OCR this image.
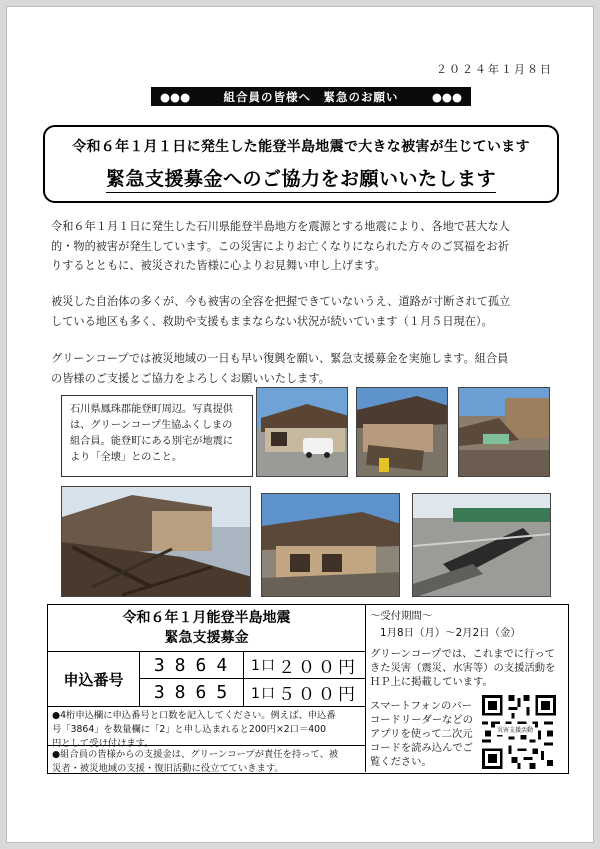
２０２４年１月８日
●●●	組合員の皆様へ　緊急のお願い	●●●
令和６年１月１日に発生した能登半島地震で大きな被害が生じています
緊急支援募金へのご協力をお願いいたします
令和６年１月１日に発生した石川県能登半島地方を震源とする地震により、各地で甚大な人
的・物的被害が発生しています。この災害によりお亡くなりになられた方々のご冥福をお祈
りするとともに、被災された皆様に心よりお見舞い申し上げます。
被災した自治体の多くが、今も被害の全容を把握できていないうえ、道路が寸断されて孤立
している地区も多く、救助や支援もままならない状況が続いています（１月５日現在）。
グリーンコープでは被災地域の一日も早い復興を願い、緊急支援募金を実施します。組合員
の皆様のご支援とご協力をよろしくお願いいたします。
石川県鳳珠郡能登町周辺。写真提供
は、グリーンコープ生協ふくしまの
組合員。能登町にある別宅が地震に
より「全壊」とのこと。
令和６年１月能登半島地震
緊急支援募金
申込番号
3864 1口 ２００円
3865 1口 ５００円
●4桁申込欄に申込番号と口数を記入してください。例えば、申込番
号「3864」を数量欄に「2」と申し込まれると200円×2口＝400
円として受け付けます。
●組合員の皆様からの支援金は、グリーンコープが責任を持って、被
災者・被災地域の支援・復旧活動に役立てていきます。
～受付期間～
1月8日（月）～2月2日（金）
グリーンコープでは、これまでに行って
きた災害（震災、水害等）の支援活動を
ＨＰ上に掲載しています。
スマートフォンのバー
コードリーダーなどの
アプリを使って二次元
コードを読み込んでご
覧ください。
災害支援活動
